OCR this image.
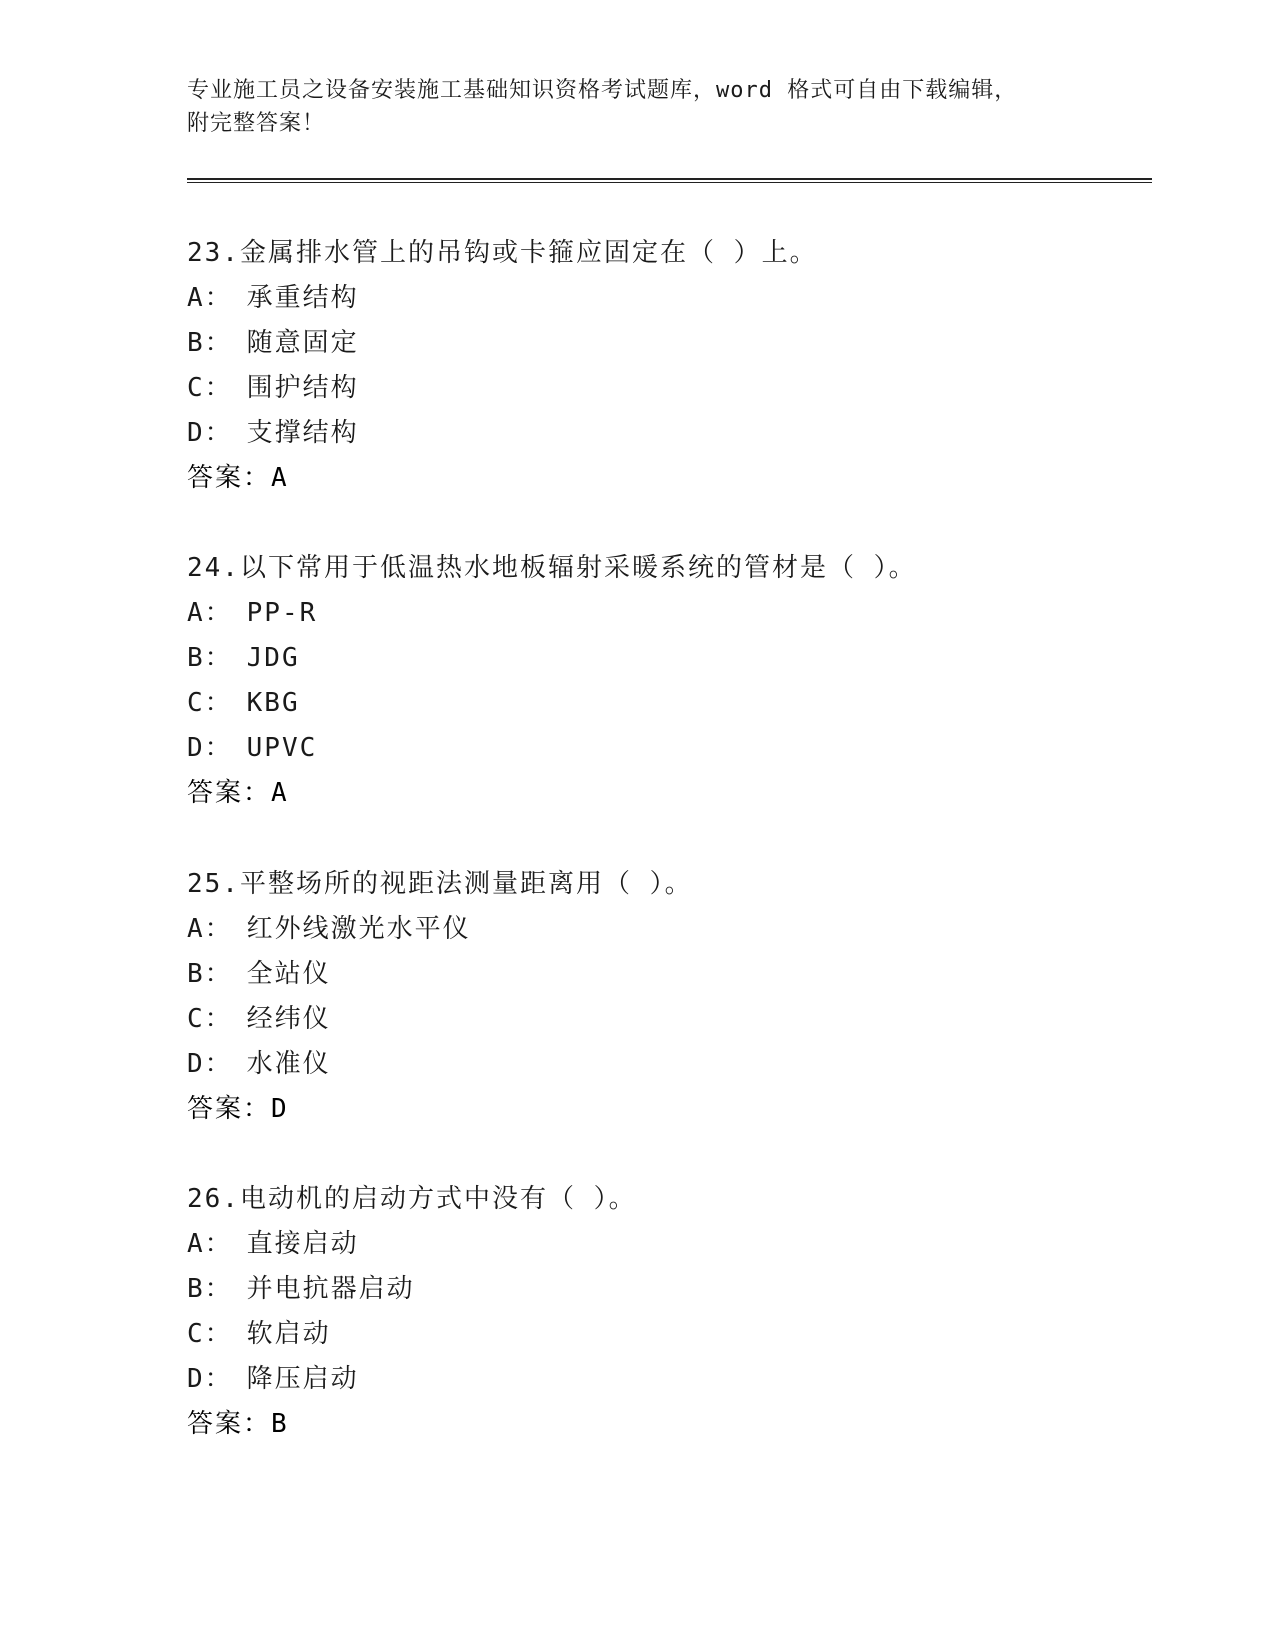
专业施工员之设备安装施工基础知识资格考试题库，word 格式可自由下载编辑，
附完整答案！
23.金属排水管上的吊钩或卡箍应固定在（ ）上。
A： 承重结构
B： 随意固定
C： 围护结构
D： 支撑结构
答案：A
24.以下常用于低温热水地板辐射采暖系统的管材是（ ）。
A： PP-R
B： JDG
C： KBG
D： UPVC
答案：A
25.平整场所的视距法测量距离用（ ）。
A： 红外线激光水平仪
B： 全站仪
C： 经纬仪
D： 水准仪
答案：D
26.电动机的启动方式中没有（ ）。
A： 直接启动
B： 并电抗器启动
C： 软启动
D： 降压启动
答案：B
